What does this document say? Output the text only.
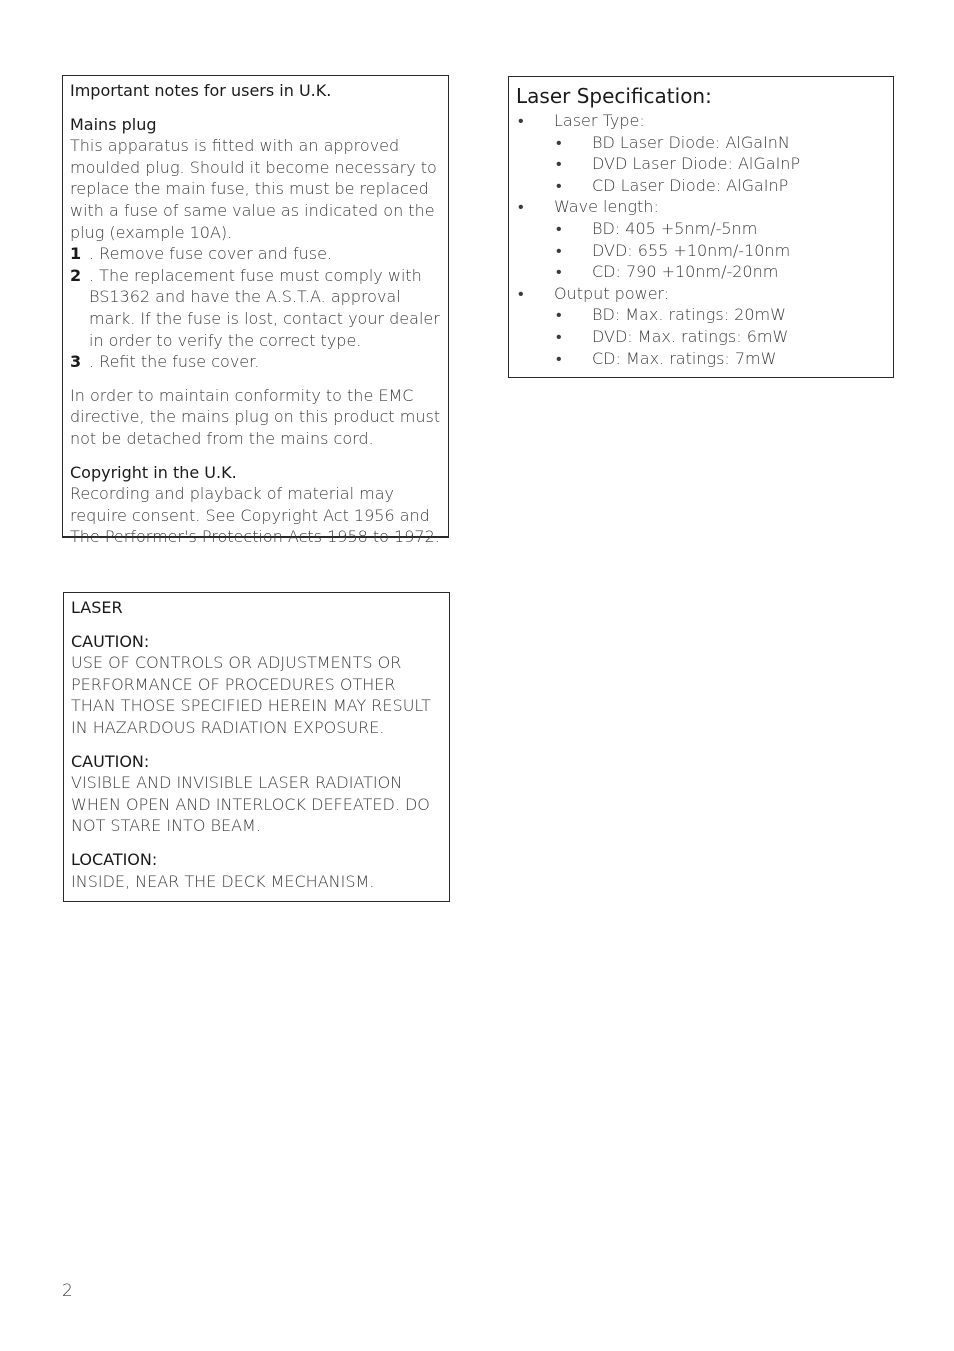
Important notes for users in U.K.

Mains plug

This apparatus is fitted with an approved moulded plug. Should it become necessary to replace the main fuse, this must be replaced with a fuse of same value as indicated on the plug (example 10A).

1 . Remove fuse cover and fuse.
2 . The replacement fuse must comply with BS1362 and have the A.S.T.A. approval mark. If the fuse is lost, contact your dealer in order to verify the correct type.
3 . Refit the fuse cover.

In order to maintain conformity to the EMC directive, the mains plug on this product must not be detached from the mains cord.

Copyright in the U.K.

Recording and playback of material may require consent. See Copyright Act 1956 and The Performer's Protection Acts 1958 to 1972.

LASER

CAUTION:

USE OF CONTROLS OR ADJUSTMENTS OR PERFORMANCE OF PROCEDURES OTHER THAN THOSE SPECIFIED HEREIN MAY RESULT IN HAZARDOUS RADIATION EXPOSURE.

CAUTION:

VISIBLE AND INVISIBLE LASER RADIATION WHEN OPEN AND INTERLOCK DEFEATED. DO NOT STARE INTO BEAM.

LOCATION:

INSIDE, NEAR THE DECK MECHANISM.

Laser Specification:

• Laser Type:
• BD Laser Diode: AlGaInN
• DVD Laser Diode: AlGaInP
• CD Laser Diode: AlGaInP
• Wave length:
• BD: 405 +5nm/-5nm
• DVD: 655 +10nm/-10nm
• CD: 790 +10nm/-20nm
• Output power:
• BD: Max. ratings: 20mW
• DVD: Max. ratings: 6mW
• CD: Max. ratings: 7mW
2
